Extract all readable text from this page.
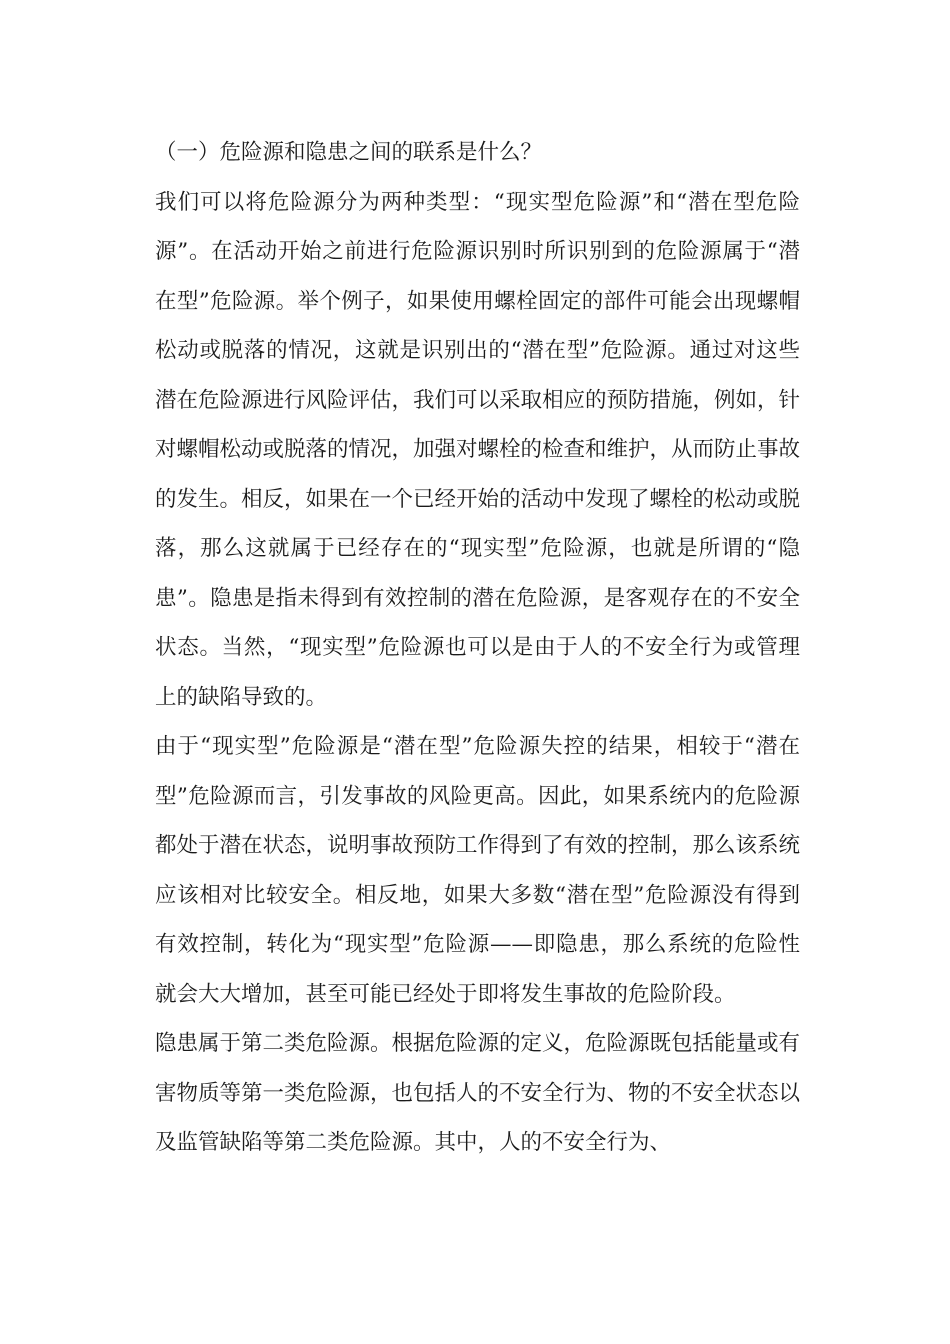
（一）危险源和隐患之间的联系是什么？

我们可以将危险源分为两种类型：“现实型危险源”和“潜在型危险源”。在活动开始之前进行危险源识别时所识别到的危险源属于“潜在型”危险源。举个例子，如果使用螺栓固定的部件可能会出现螺帽松动或脱落的情况，这就是识别出的“潜在型”危险源。通过对这些潜在危险源进行风险评估，我们可以采取相应的预防措施，例如，针对螺帽松动或脱落的情况，加强对螺栓的检查和维护，从而防止事故的发生。相反，如果在一个已经开始的活动中发现了螺栓的松动或脱落，那么这就属于已经存在的“现实型”危险源，也就是所谓的“隐患”。隐患是指未得到有效控制的潜在危险源，是客观存在的不安全状态。当然，“现实型”危险源也可以是由于人的不安全行为或管理上的缺陷导致的。

由于“现实型”危险源是“潜在型”危险源失控的结果，相较于“潜在型”危险源而言，引发事故的风险更高。因此，如果系统内的危险源都处于潜在状态，说明事故预防工作得到了有效的控制，那么该系统应该相对比较安全。相反地，如果大多数“潜在型”危险源没有得到有效控制，转化为“现实型”危险源——即隐患，那么系统的危险性就会大大增加，甚至可能已经处于即将发生事故的危险阶段。

隐患属于第二类危险源。根据危险源的定义，危险源既包括能量或有害物质等第一类危险源，也包括人的不安全行为、物的不安全状态以及监管缺陷等第二类危险源。其中，人的不安全行为、
